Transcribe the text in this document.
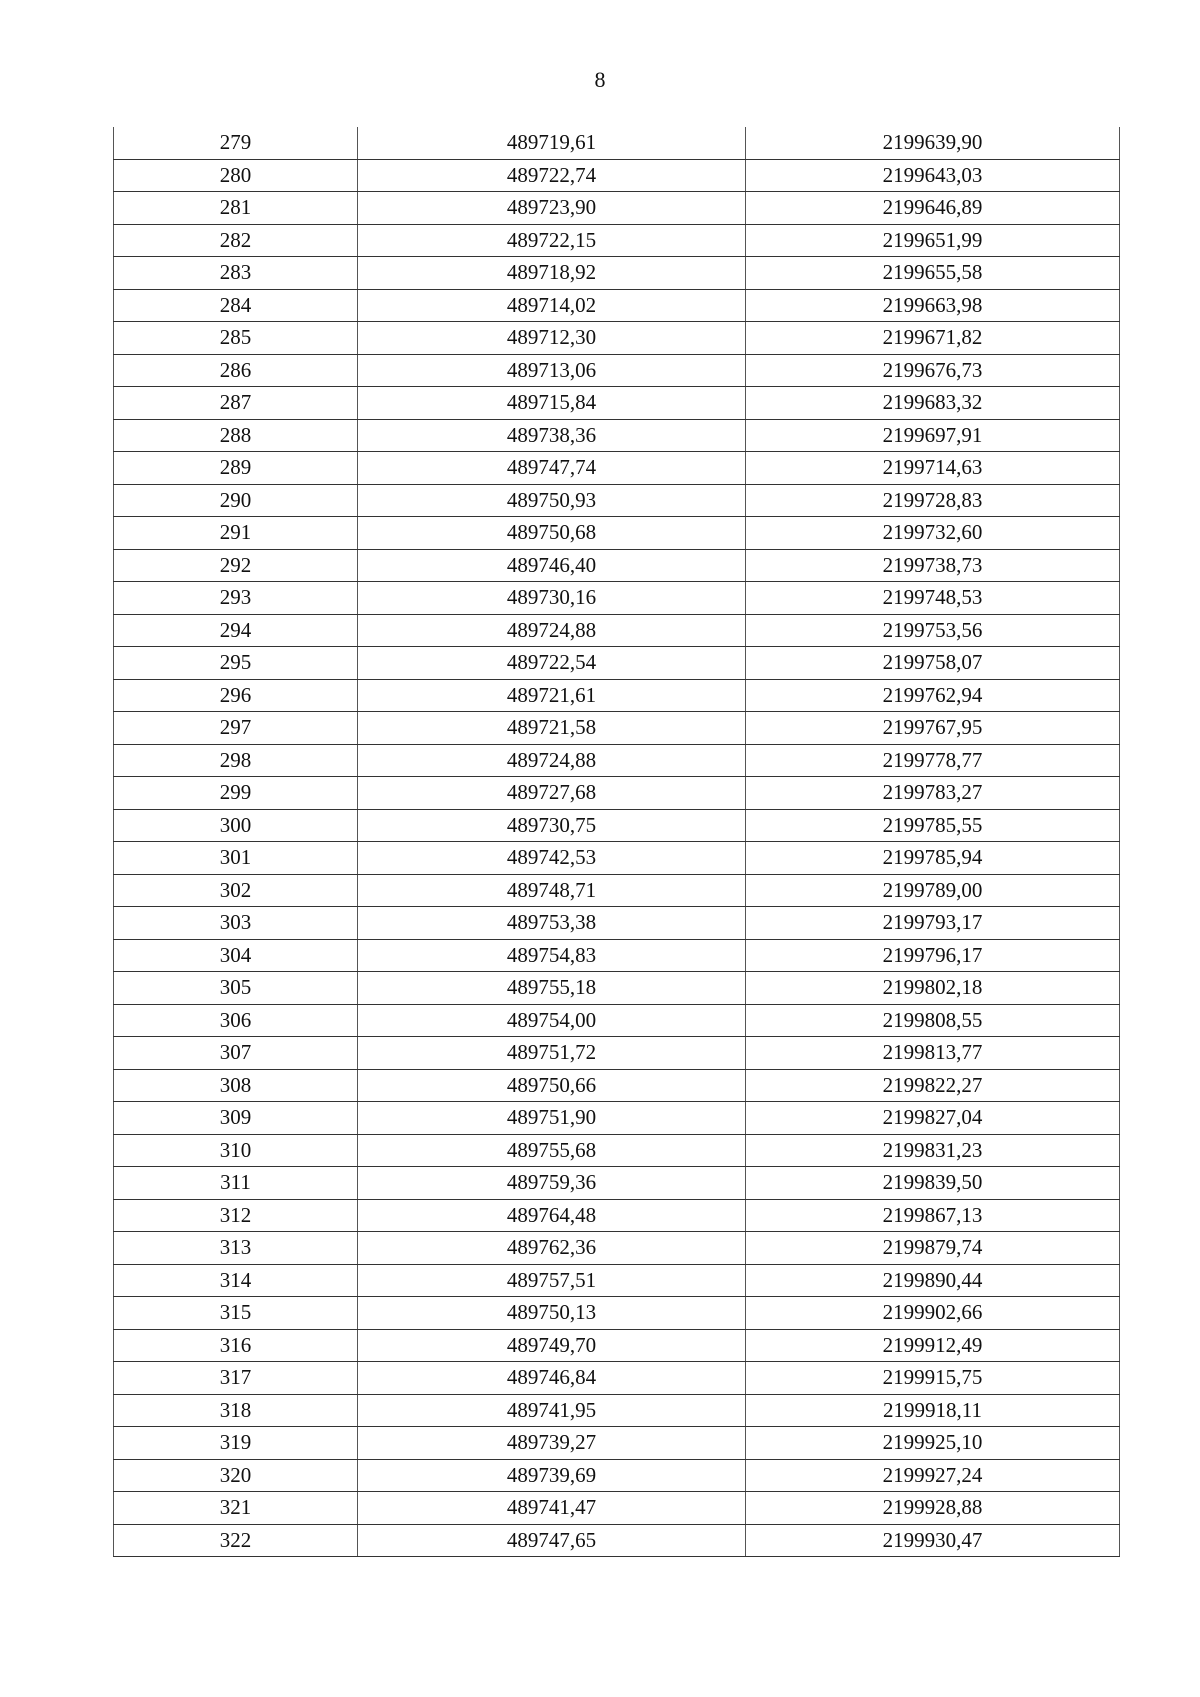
8
279	489719,61	2199639,90
280	489722,74	2199643,03
281	489723,90	2199646,89
282	489722,15	2199651,99
283	489718,92	2199655,58
284	489714,02	2199663,98
285	489712,30	2199671,82
286	489713,06	2199676,73
287	489715,84	2199683,32
288	489738,36	2199697,91
289	489747,74	2199714,63
290	489750,93	2199728,83
291	489750,68	2199732,60
292	489746,40	2199738,73
293	489730,16	2199748,53
294	489724,88	2199753,56
295	489722,54	2199758,07
296	489721,61	2199762,94
297	489721,58	2199767,95
298	489724,88	2199778,77
299	489727,68	2199783,27
300	489730,75	2199785,55
301	489742,53	2199785,94
302	489748,71	2199789,00
303	489753,38	2199793,17
304	489754,83	2199796,17
305	489755,18	2199802,18
306	489754,00	2199808,55
307	489751,72	2199813,77
308	489750,66	2199822,27
309	489751,90	2199827,04
310	489755,68	2199831,23
311	489759,36	2199839,50
312	489764,48	2199867,13
313	489762,36	2199879,74
314	489757,51	2199890,44
315	489750,13	2199902,66
316	489749,70	2199912,49
317	489746,84	2199915,75
318	489741,95	2199918,11
319	489739,27	2199925,10
320	489739,69	2199927,24
321	489741,47	2199928,88
322	489747,65	2199930,47
